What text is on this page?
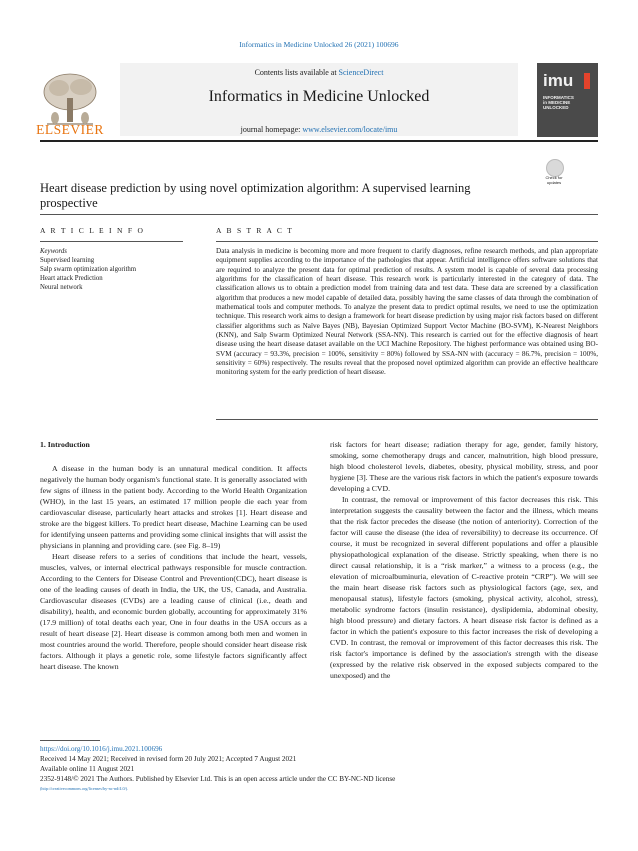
Informatics in Medicine Unlocked 26 (2021) 100696
Contents lists available at ScienceDirect
Informatics in Medicine Unlocked
journal homepage: www.elsevier.com/locate/imu
ELSEVIER
imu
INFORMATICS
in MEDICINE
UNLOCKED
Check for
updates
Heart disease prediction by using novel optimization algorithm: A supervised learning prospective
A R T I C L E I N F O	A B S T R A C T
Keywords
Supervised learning
Salp swarm optimization algorithm
Heart attack Prediction
Neural network
Data analysis in medicine is becoming more and more frequent to clarify diagnoses, refine research methods, and plan appropriate equipment supplies according to the importance of the pathologies that appear. Artificial intelligence offers software solutions that are required to analyze the present data for optimal prediction of results. A system model is capable of several data processing algorithms for the classification of heart disease. This research work is particularly interested in the category of data. The classification allows us to obtain a prediction model from training data and test data. These data are screened by a classification algorithm that produces a new model capable of detailed data, possibly having the same classes of data through the combination of mathematical tools and computer methods. To analyze the present data to predict optimal results, we need to use the optimization technique. This research work aims to design a framework for heart disease prediction by using major risk factors based on different classifier algorithms such as Naïve Bayes (NB), Bayesian Optimized Support Vector Machine (BO-SVM), K-Nearest Neighbors (KNN), and Salp Swarm Optimized Neural Network (SSA-NN). This research is carried out for the effective diagnosis of heart disease using the heart disease dataset available on the UCI Machine Repository. The highest performance was obtained using BO-SVM (accuracy = 93.3%, precision = 100%, sensitivity = 80%) followed by SSA-NN with (accuracy = 86.7%, precision = 100%, sensitivity = 60%) respectively. The results reveal that the proposed novel optimized algorithm can provide an effective healthcare monitoring system for the early prediction of heart disease.

1. Introduction

A disease in the human body is an unnatural medical condition. It affects negatively the human body organism's functional state. It is generally associated with few signs of illness in the patient body. According to the World Health Organization (WHO), in the last 15 years, an estimated 17 million people die each year from cardiovascular disease, particularly heart attacks and strokes [1]. Heart disease and stroke are the biggest killers. To predict heart disease, Machine Learning can be used for identifying unseen patterns and providing some clinical insights that will assist the physicians in planning and providing care. (see Fig. 8–19)

Heart disease refers to a series of conditions that include the heart, vessels, muscles, valves, or internal electrical pathways responsible for muscle contraction. According to the Centers for Disease Control and Prevention(CDC), heart disease is one of the leading causes of death in India, the UK, the US, Canada, and Australia. Cardiovascular diseases (CVDs) are a leading cause of clinical (i.e., death and disability), health, and economic burden globally, accounting for approximately 31% (17.9 million) of total deaths each year, One in four deaths in the USA occurs as a result of heart disease [2]. Heart disease is common among both men and women in most countries around the world. Therefore, people should consider heart disease risk factors. Although it plays a genetic role, some lifestyle factors significantly affect heart disease. The known

risk factors for heart disease; radiation therapy for age, gender, family history, smoking, some chemotherapy drugs and cancer, malnutrition, high blood pressure, high blood cholesterol levels, diabetes, obesity, physical mobility, stress, and poor hygiene [3]. These are the various risk factors in which the patient's exposure towards developing a CVD.

In contrast, the removal or improvement of this factor decreases this risk. This interpretation suggests the causality between the factor and the illness, which means that the risk factor precedes the disease (the notion of anteriority). Correction of the factor will cause the disease (the idea of reversibility) to decrease its occurrence. Of course, it must be recognized in several different populations and offer a plausible physiopathological explanation of the disease. Strictly speaking, when there is no direct causal relationship, it is a “risk marker,” a witness to a process (e.g., the elevation of microalbuminuria, elevation of C-reactive protein “CRP”). We will see the main heart disease risk factors such as physiological factors (age, sex, and menopausal status), lifestyle factors (smoking, physical activity, alcohol, stress), metabolic syndrome factors (insulin resistance), dyslipidemia, abdominal obesity, high blood pressure) and dietary factors. A heart disease risk factor is defined as a factor in which the patient's exposure to this factor increases the risk of developing a CVD. In contrast, the removal or improvement of this factor decreases this risk. The risk factor's importance is defined by the association's strength with the disease (expressed by the relative risk observed in the exposed subjects compared to the unexposed) and the

https://doi.org/10.1016/j.imu.2021.100696
Received 14 May 2021; Received in revised form 20 July 2021; Accepted 7 August 2021
Available online 11 August 2021
2352-9148/© 2021 The Authors. Published by Elsevier Ltd. This is an open access article under the CC BY-NC-ND license
(http://creativecommons.org/licenses/by-nc-nd/4.0/).
